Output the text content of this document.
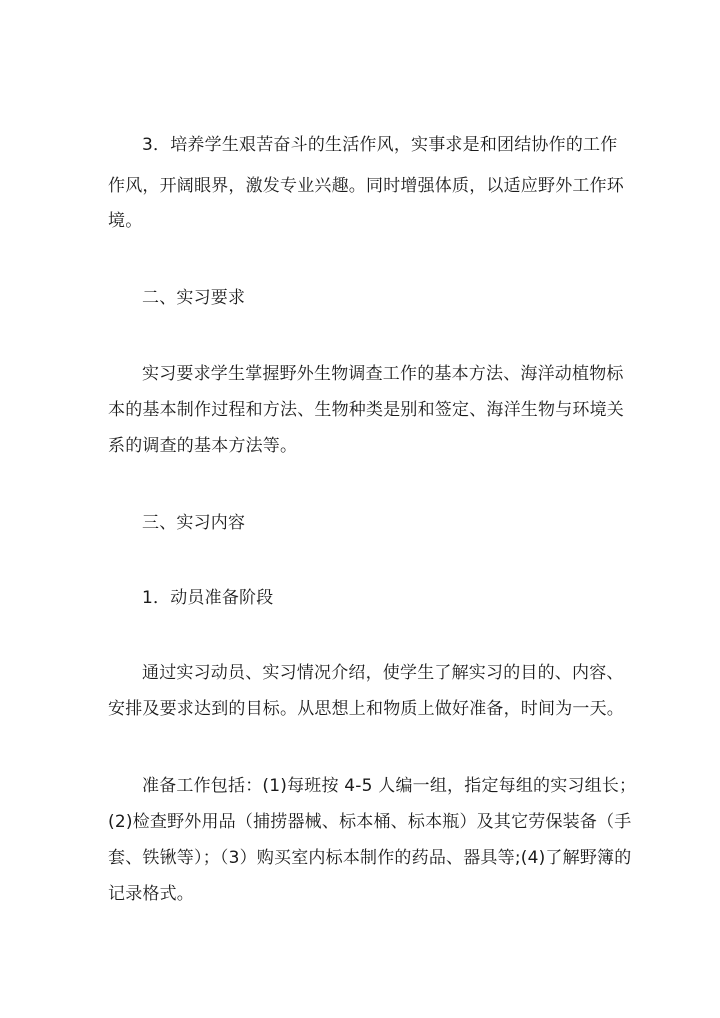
3．培养学生艰苦奋斗的生活作风，实事求是和团结协作的工作
作风，开阔眼界，激发专业兴趣。同时增强体质，以适应野外工作环
境。
二、实习要求
实习要求学生掌握野外生物调查工作的基本方法、海洋动植物标
本的基本制作过程和方法、生物种类是别和签定、海洋生物与环境关
系的调查的基本方法等。
三、实习内容
1．动员准备阶段
通过实习动员、实习情况介绍，使学生了解实习的目的、内容、
安排及要求达到的目标。从思想上和物质上做好准备，时间为一天。
准备工作包括：(1)每班按 4-5 人编一组，指定每组的实习组长；
(2)检查野外用品（捕捞器械、标本桶、标本瓶）及其它劳保装备（手
套、铁锹等）；（3）购买室内标本制作的药品、器具等;(4)了解野簿的
记录格式。
